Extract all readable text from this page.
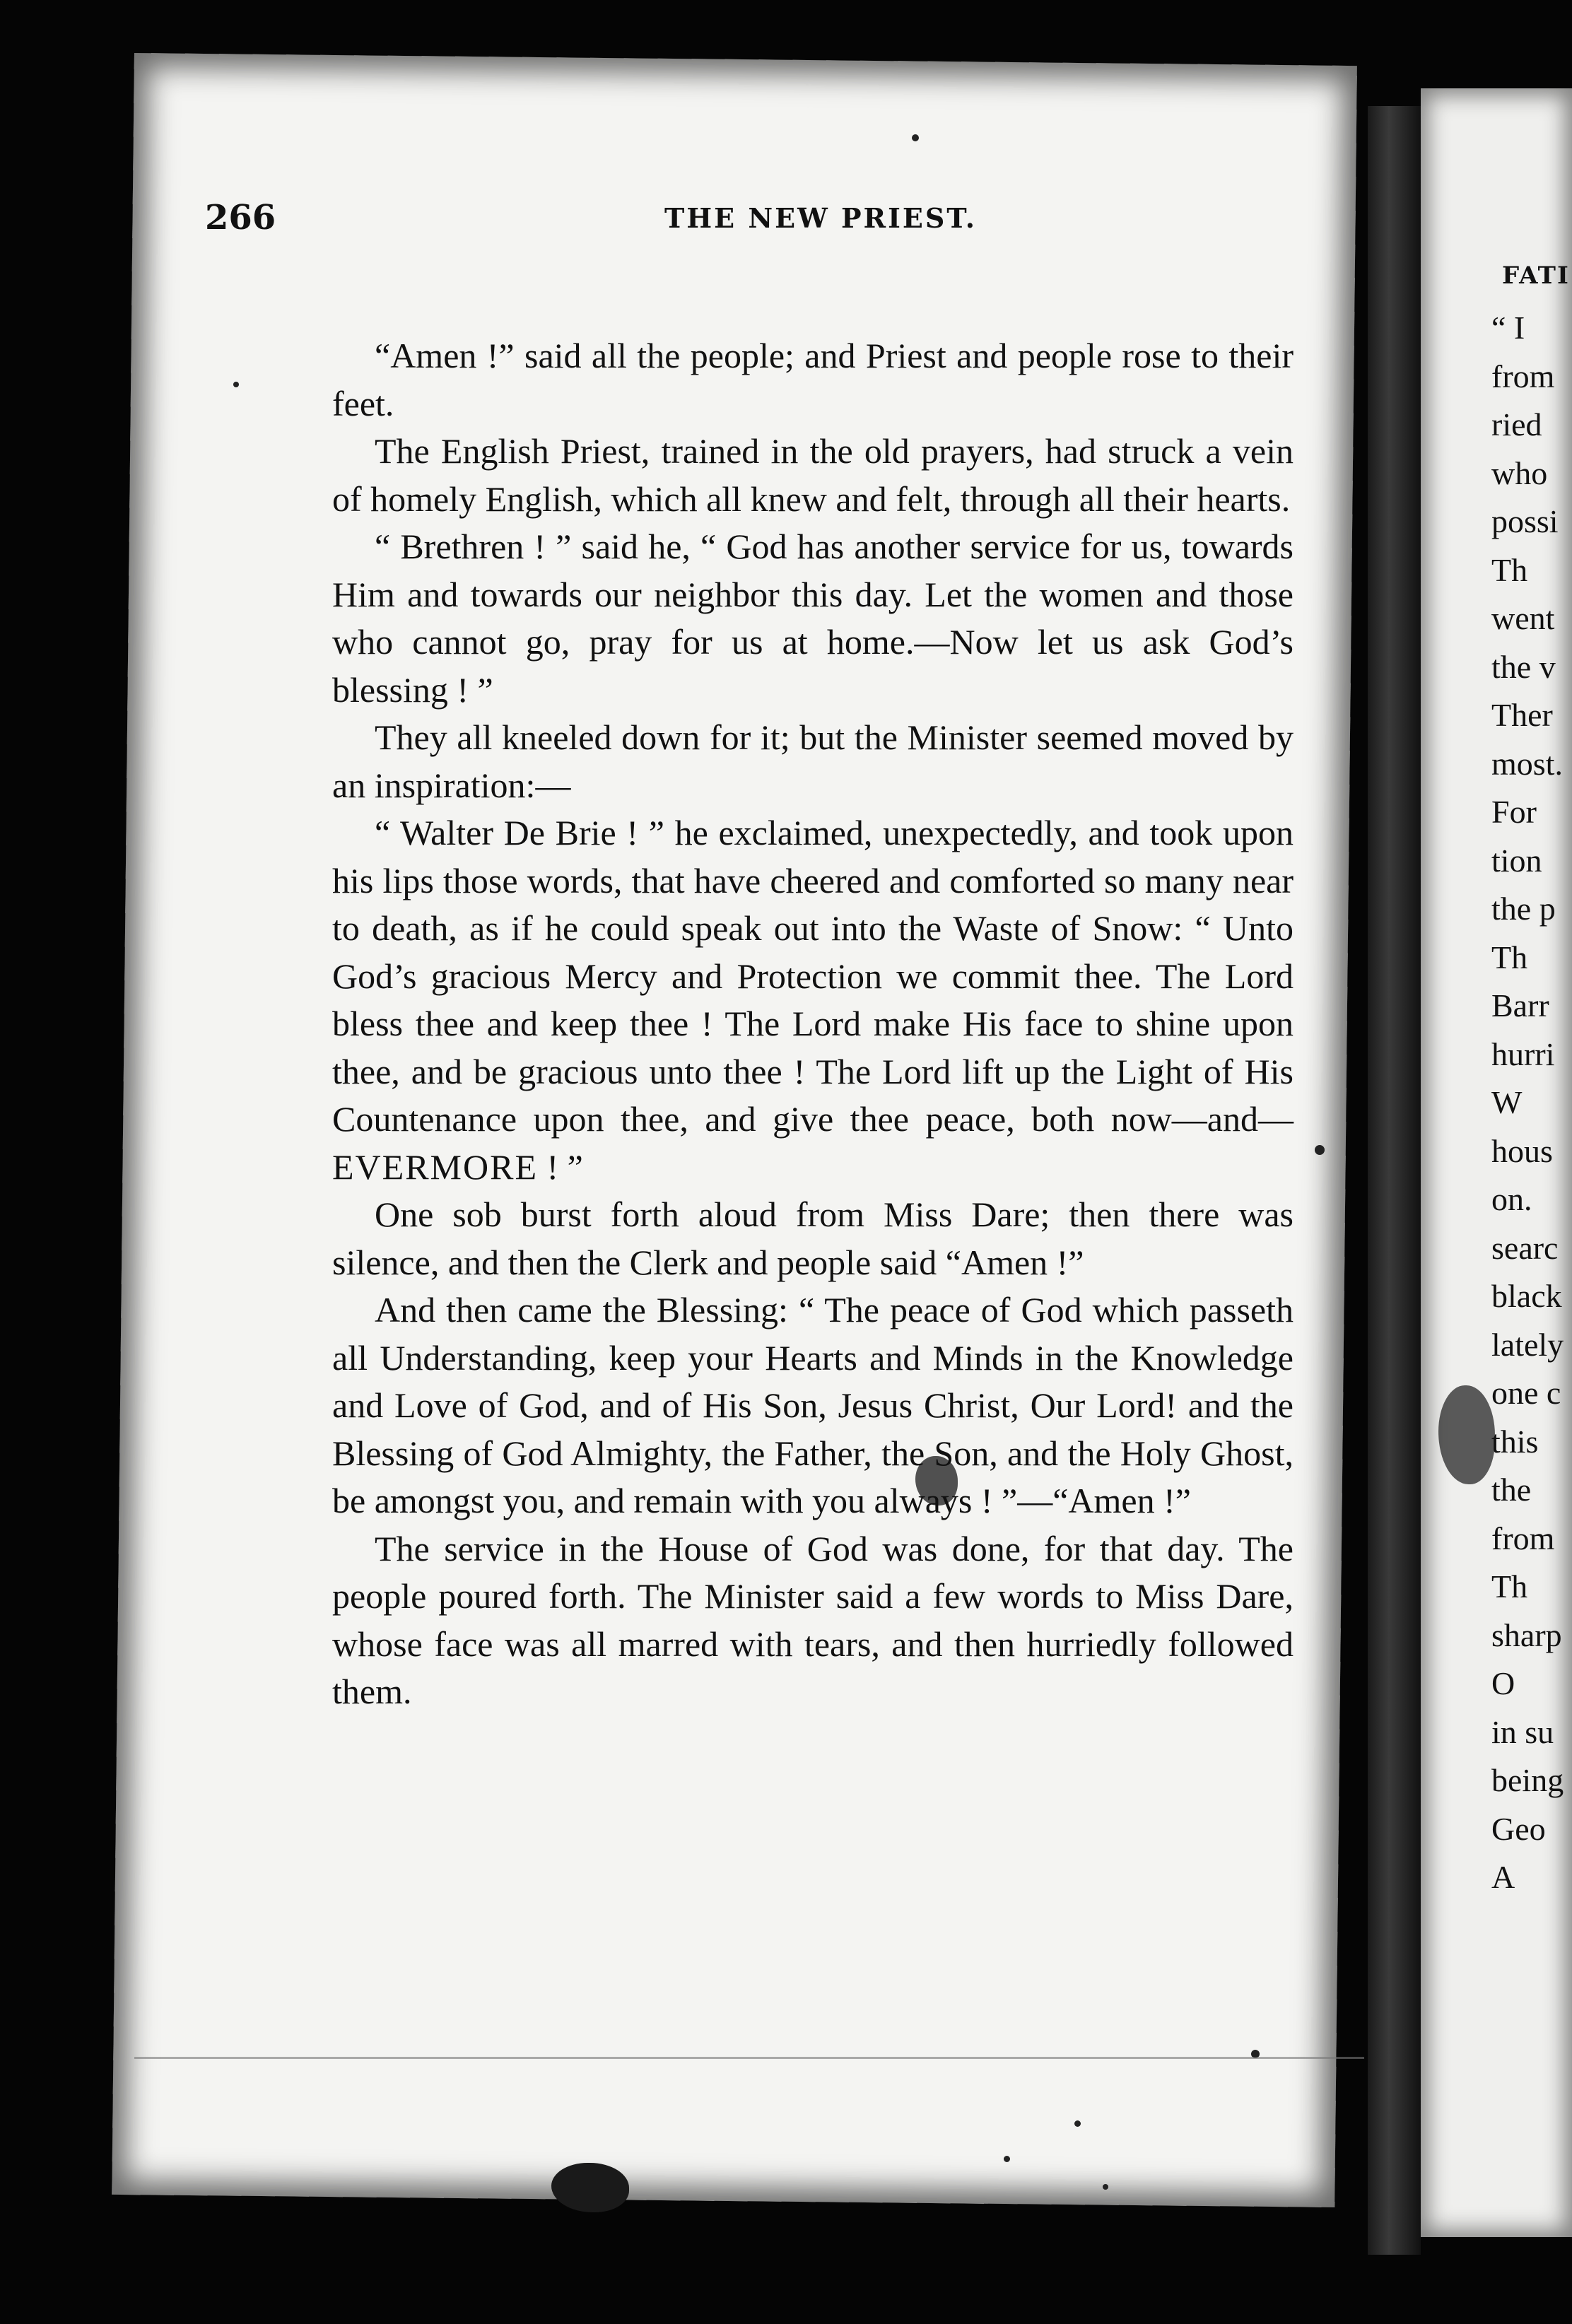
266	THE NEW PRIEST.

“Amen !” said all the people; and Priest and people rose to their feet.

The English Priest, trained in the old prayers, had struck a vein of homely English, which all knew and felt, through all their hearts.

“ Brethren ! ” said he, “ God has another service for us, towards Him and towards our neighbor this day. Let the women and those who cannot go, pray for us at home.—Now let us ask God’s blessing ! ”

They all kneeled down for it; but the Minister seemed moved by an inspiration:—

“ Walter De Brie ! ” he exclaimed, unexpectedly, and took upon his lips those words, that have cheered and comforted so many near to death, as if he could speak out into the Waste of Snow: “ Unto God’s gracious Mercy and Protection we commit thee. The Lord bless thee and keep thee ! The Lord make His face to shine upon thee, and be gracious unto thee ! The Lord lift up the Light of His Countenance upon thee, and give thee peace, both now—and—EVERMORE ! ”

One sob burst forth aloud from Miss Dare; then there was silence, and then the Clerk and people said “Amen !”

And then came the Blessing: “ The peace of God which passeth all Understanding, keep your Hearts and Minds in the Knowledge and Love of God, and of His Son, Jesus Christ, Our Lord! and the Blessing of God Almighty, the Father, the Son, and the Holy Ghost, be amongst you, and remain with you always ! ”—“Amen !”

The service in the House of God was done, for that day. The people poured forth. The Minister said a few words to Miss Dare, whose face was all marred with tears, and then hurriedly followed them.

FATI
“ I
from
ried
who
possi
Th
went
the v
Ther
most.
For
tion
the p
Th
Barr
hurri
W
hous
on.
searc
black
lately
one c
this
the
from
Th
sharp
O
in su
being
Geo
A
